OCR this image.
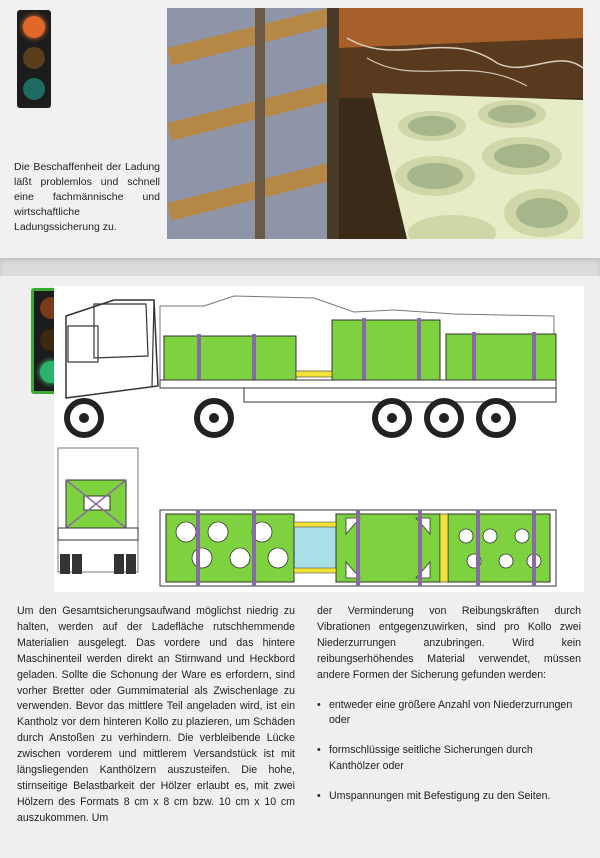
Die Beschaffenheit der Ladung läßt problemlos und schnell eine fachmännische und wirtschaftliche Ladungssicherung zu.
Um den Gesamtsicherungsaufwand möglichst niedrig zu halten, werden auf der Ladefläche rutschhemmende Materialien ausgelegt. Das vordere und das hintere Maschinenteil werden direkt an Stirnwand und Heckbord geladen. Sollte die Schonung der Ware es erfordern, sind vorher Bretter oder Gummimaterial als Zwischenlage zu verwenden. Bevor das mittlere Teil angeladen wird, ist ein Kantholz vor dem hinteren Kollo zu plazieren, um Schäden durch Anstoßen zu verhindern. Die verbleibende Lücke zwischen vorderem und mittlerem Versandstück ist mit längsliegenden Kanthölzern auszusteifen. Die hohe, stirnseitige Belastbarkeit der Hölzer erlaubt es, mit zwei Hölzern des Formats 8 cm x 8 cm bzw. 10 cm x 10 cm auszukommen. Um
der Verminderung von Reibungskräften durch Vibrationen entgegenzuwirken, sind pro Kollo zwei Niederzurrungen anzubringen. Wird kein reibungserhöhendes Material verwendet, müssen andere Formen der Sicherung gefunden werden:
• entweder eine größere Anzahl von Niederzurrungen oder
• formschlüssige seitliche Sicherungen durch Kanthölzer oder
• Umspannungen mit Befestigung zu den Seiten.
